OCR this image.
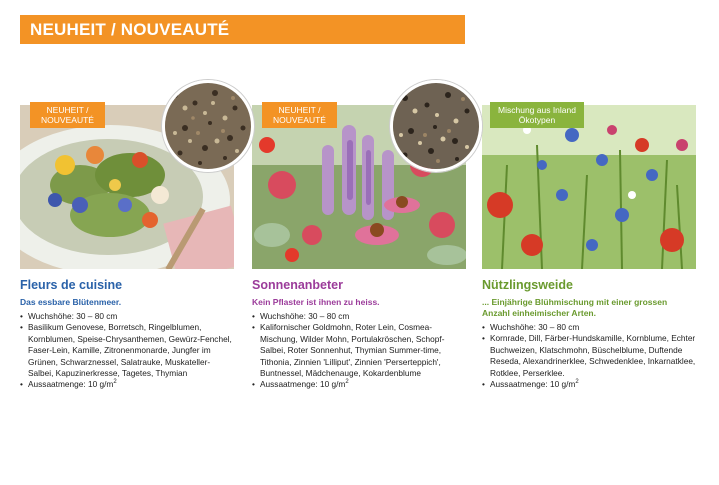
NEUHEIT / NOUVEAUTÉ
NEUHEIT / NOUVEAUTÉ
Fleurs de cuisine
Das essbare Blütenmeer.
• Wuchshöhe: 30 – 80 cm
• Basilikum Genovese, Borretsch, Ringelblumen, Kornblumen, Speise-Chrysanthemen, Gewürz-Fenchel, Faser-Lein, Kamille, Zitronenmonarde, Jungfer im Grünen, Schwarznessel, Salatrauke, Muskateller-Salbei, Kapuzinerkresse, Tagetes, Thymian
• Aussaatmenge: 10 $g/m^2$
NEUHEIT / NOUVEAUTÉ
Sonnenanbeter
Kein Pflaster ist ihnen zu heiss.
• Wuchshöhe: 30 – 80 cm
• Kalifornischer Goldmohn, Roter Lein, Cosmea-Mischung, Wilder Mohn, Portulakröschen, Schopf-Salbei, Roter Sonnenhut, Thymian Summer-time, Tithonia, Zinnien 'Lilliput', Zinnien 'Perserteppich', Buntnessel, Mädchenauge, Kokardenblume
• Aussaatmenge: 10 $g/m^2$
Mischung aus Inland Ökotypen
Nützlingsweide
... Einjährige Blühmischung mit einer grossen Anzahl einheimischer Arten.
• Wuchshöhe: 30 – 80 cm
• Kornrade, Dill, Färber-Hundskamille, Kornblume, Echter Buchweizen, Klatschmohn, Büschelblume, Duftende Reseda, Alexandrinerklee, Schwedenklee, Inkarnatklee, Rotklee, Perserklee.
• Aussaatmenge: 10 $g/m^2$
